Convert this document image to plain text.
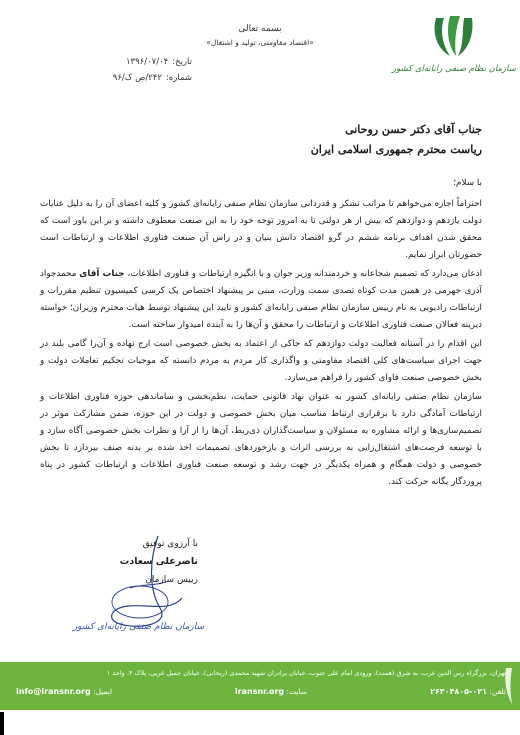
سازمان نظام صنفی رایانه‌ای کشور
بسمه تعالی
«اقتصاد مقاومتی، تولید و اشتغال»
تاریخ:
۱۳۹۶/۰۷/۰۴
شماره:
۲۴۲/ص ک/۹۶
جناب آقای دکتر حسن روحانی
ریاست محترم جمهوری اسلامی ایران

با سلام؛

احتراماً اجازه می‌خواهم تا مراتب تشکر و قدردانی سازمان نظام صنفی رایانه‌ای کشور و کلیه اعضای آن را به دلیل عنایات دولت یازدهم و دوازدهم که بیش از هر دولتی تا به امروز توجه خود را به این صنعت معطوف داشته و بر این باور است که محقق شدن اهداف برنامه ششم در گرو اقتصاد دانش بنیان و در راس آن صنعت فناوری اطلاعات و ارتباطات است حضورتان ابراز نمایم.

اذعان می‌دارد که تصمیم شجاعانه و خردمندانه وزیر جوان و با انگیزه ارتباطات و فناوری اطلاعات، جناب آقای محمدجواد آذری جهرمی در همین مدت کوتاه تصدی سمت وزارت، مبنی بر پیشنهاد اختصاص یک کرسی کمیسیون تنظیم مقررات و ارتباطات رادیویی به نام رییس سازمان نظام صنفی رایانه‌ای کشور و تایید این پیشنهاد توسط هیات محترم وزیران؛ خواسته دیرینه فعالان صنعت فناوری اطلاعات و ارتباطات را محقق و آن‌ها را به آینده امیدوار ساخته است.

این اقدام را در آستانه فعالیت دولت دوازدهم که حاکی از اعتماد به بخش خصوصی است ارج نهاده و آن‌را گامی بلند در جهت اجرای سیاست‌های کلی اقتصاد مقاومتی و واگذاری کار مردم به مردم دانسته که موجبات تحکیم تعاملات دولت و بخش خصوصی صنعت فاوای کشور را فراهم می‌سازد.

سازمان نظام صنفی رایانه‌ای کشور به عنوان نهاد قانونی حمایت، نظم‌بخشی و ساماندهی حوزه فناوری اطلاعات و ارتباطات آمادگی دارد با برقراری ارتباط مناسب میان بخش خصوصی و دولت در این حوزه، ضمن مشارکت موثر در تصمیم‌سازی‌ها و ارائه مشاوره به مسئولان و سیاست‌گذاران ذی‌ربط، آن‌ها را از آرا و نظرات بخش خصوصی آگاه سازد و با توسعه فرصت‌های اشتغال‌زایی به بررسی اثرات و بازخوردهای تصمیمات اخذ شده بر بدنه صنف بپردازد تا بخش خصوصی و دولت همگام و همراه یکدیگر در جهت رشد و توسعه صنعت فناوری اطلاعات و ارتباطات کشور در پناه پروردگار یگانه حرکت کند.

با آرزوی توفیق
ناصرعلی سعادت
رییس سازمان
سازمان نظام صنفی رایانه‌ای کشور
تهران، بزرگراه رس الدین غرب، به شرق (همت)، ورودی امام علی جنوب، خیابان برادران شهید محمدی (ریحانی)، خیابان جمیل غربی، پلاک ۴، واحد ۱
تلفن: ۰۲۱-۲۶۳۰۴۸۰۵
سایت: iransnr.org
ایمیل: info@iransnr.org
